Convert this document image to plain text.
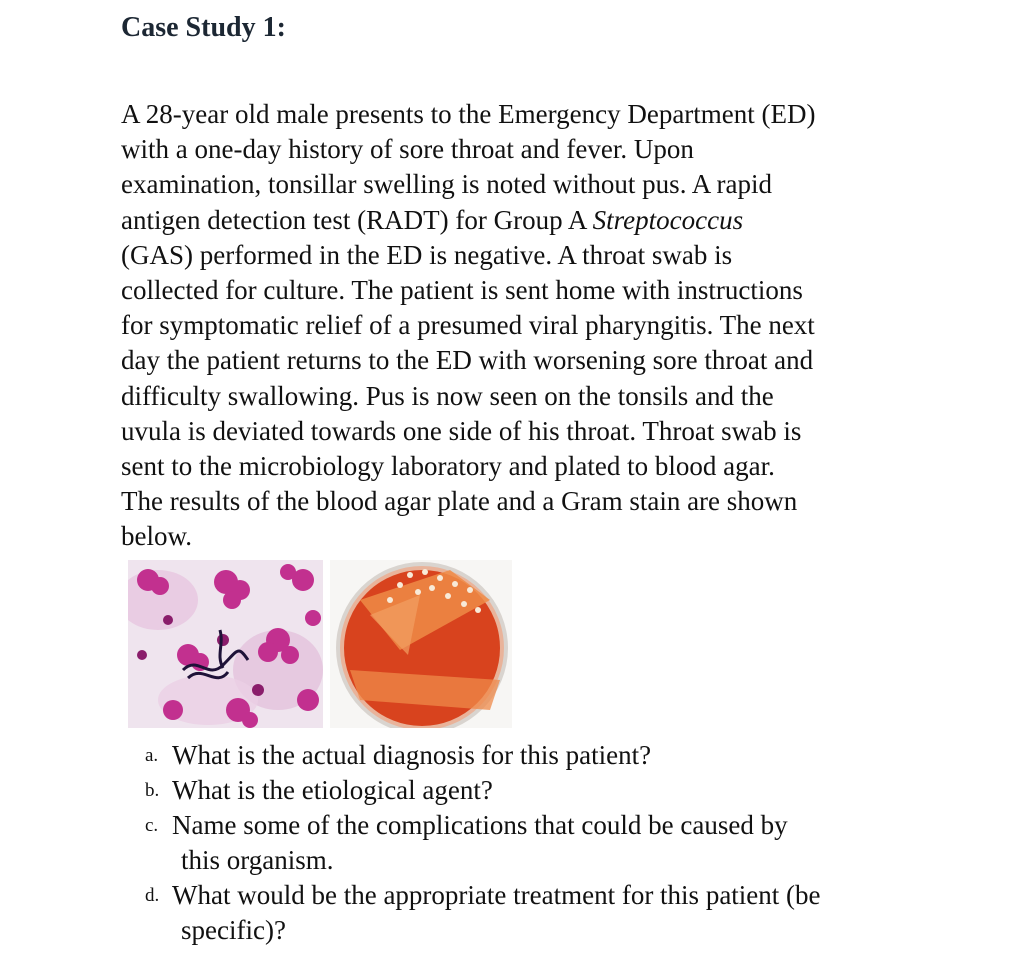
Case Study 1:
A 28-year old male presents to the Emergency Department (ED)
with a one-day history of sore throat and fever. Upon
examination, tonsillar swelling is noted without pus. A rapid
antigen detection test (RADT) for Group A Streptococcus
(GAS) performed in the ED is negative. A throat swab is
collected for culture. The patient is sent home with instructions
for symptomatic relief of a presumed viral pharyngitis. The next
day the patient returns to the ED with worsening sore throat and
difficulty swallowing. Pus is now seen on the tonsils and the
uvula is deviated towards one side of his throat. Throat swab is
sent to the microbiology laboratory and plated to blood agar.
The results of the blood agar plate and a Gram stain are shown
below.
a. What is the actual diagnosis for this patient?
b. What is the etiological agent?
c. Name some of the complications that could be caused by
this organism.
d. What would be the appropriate treatment for this patient (be
specific)?
